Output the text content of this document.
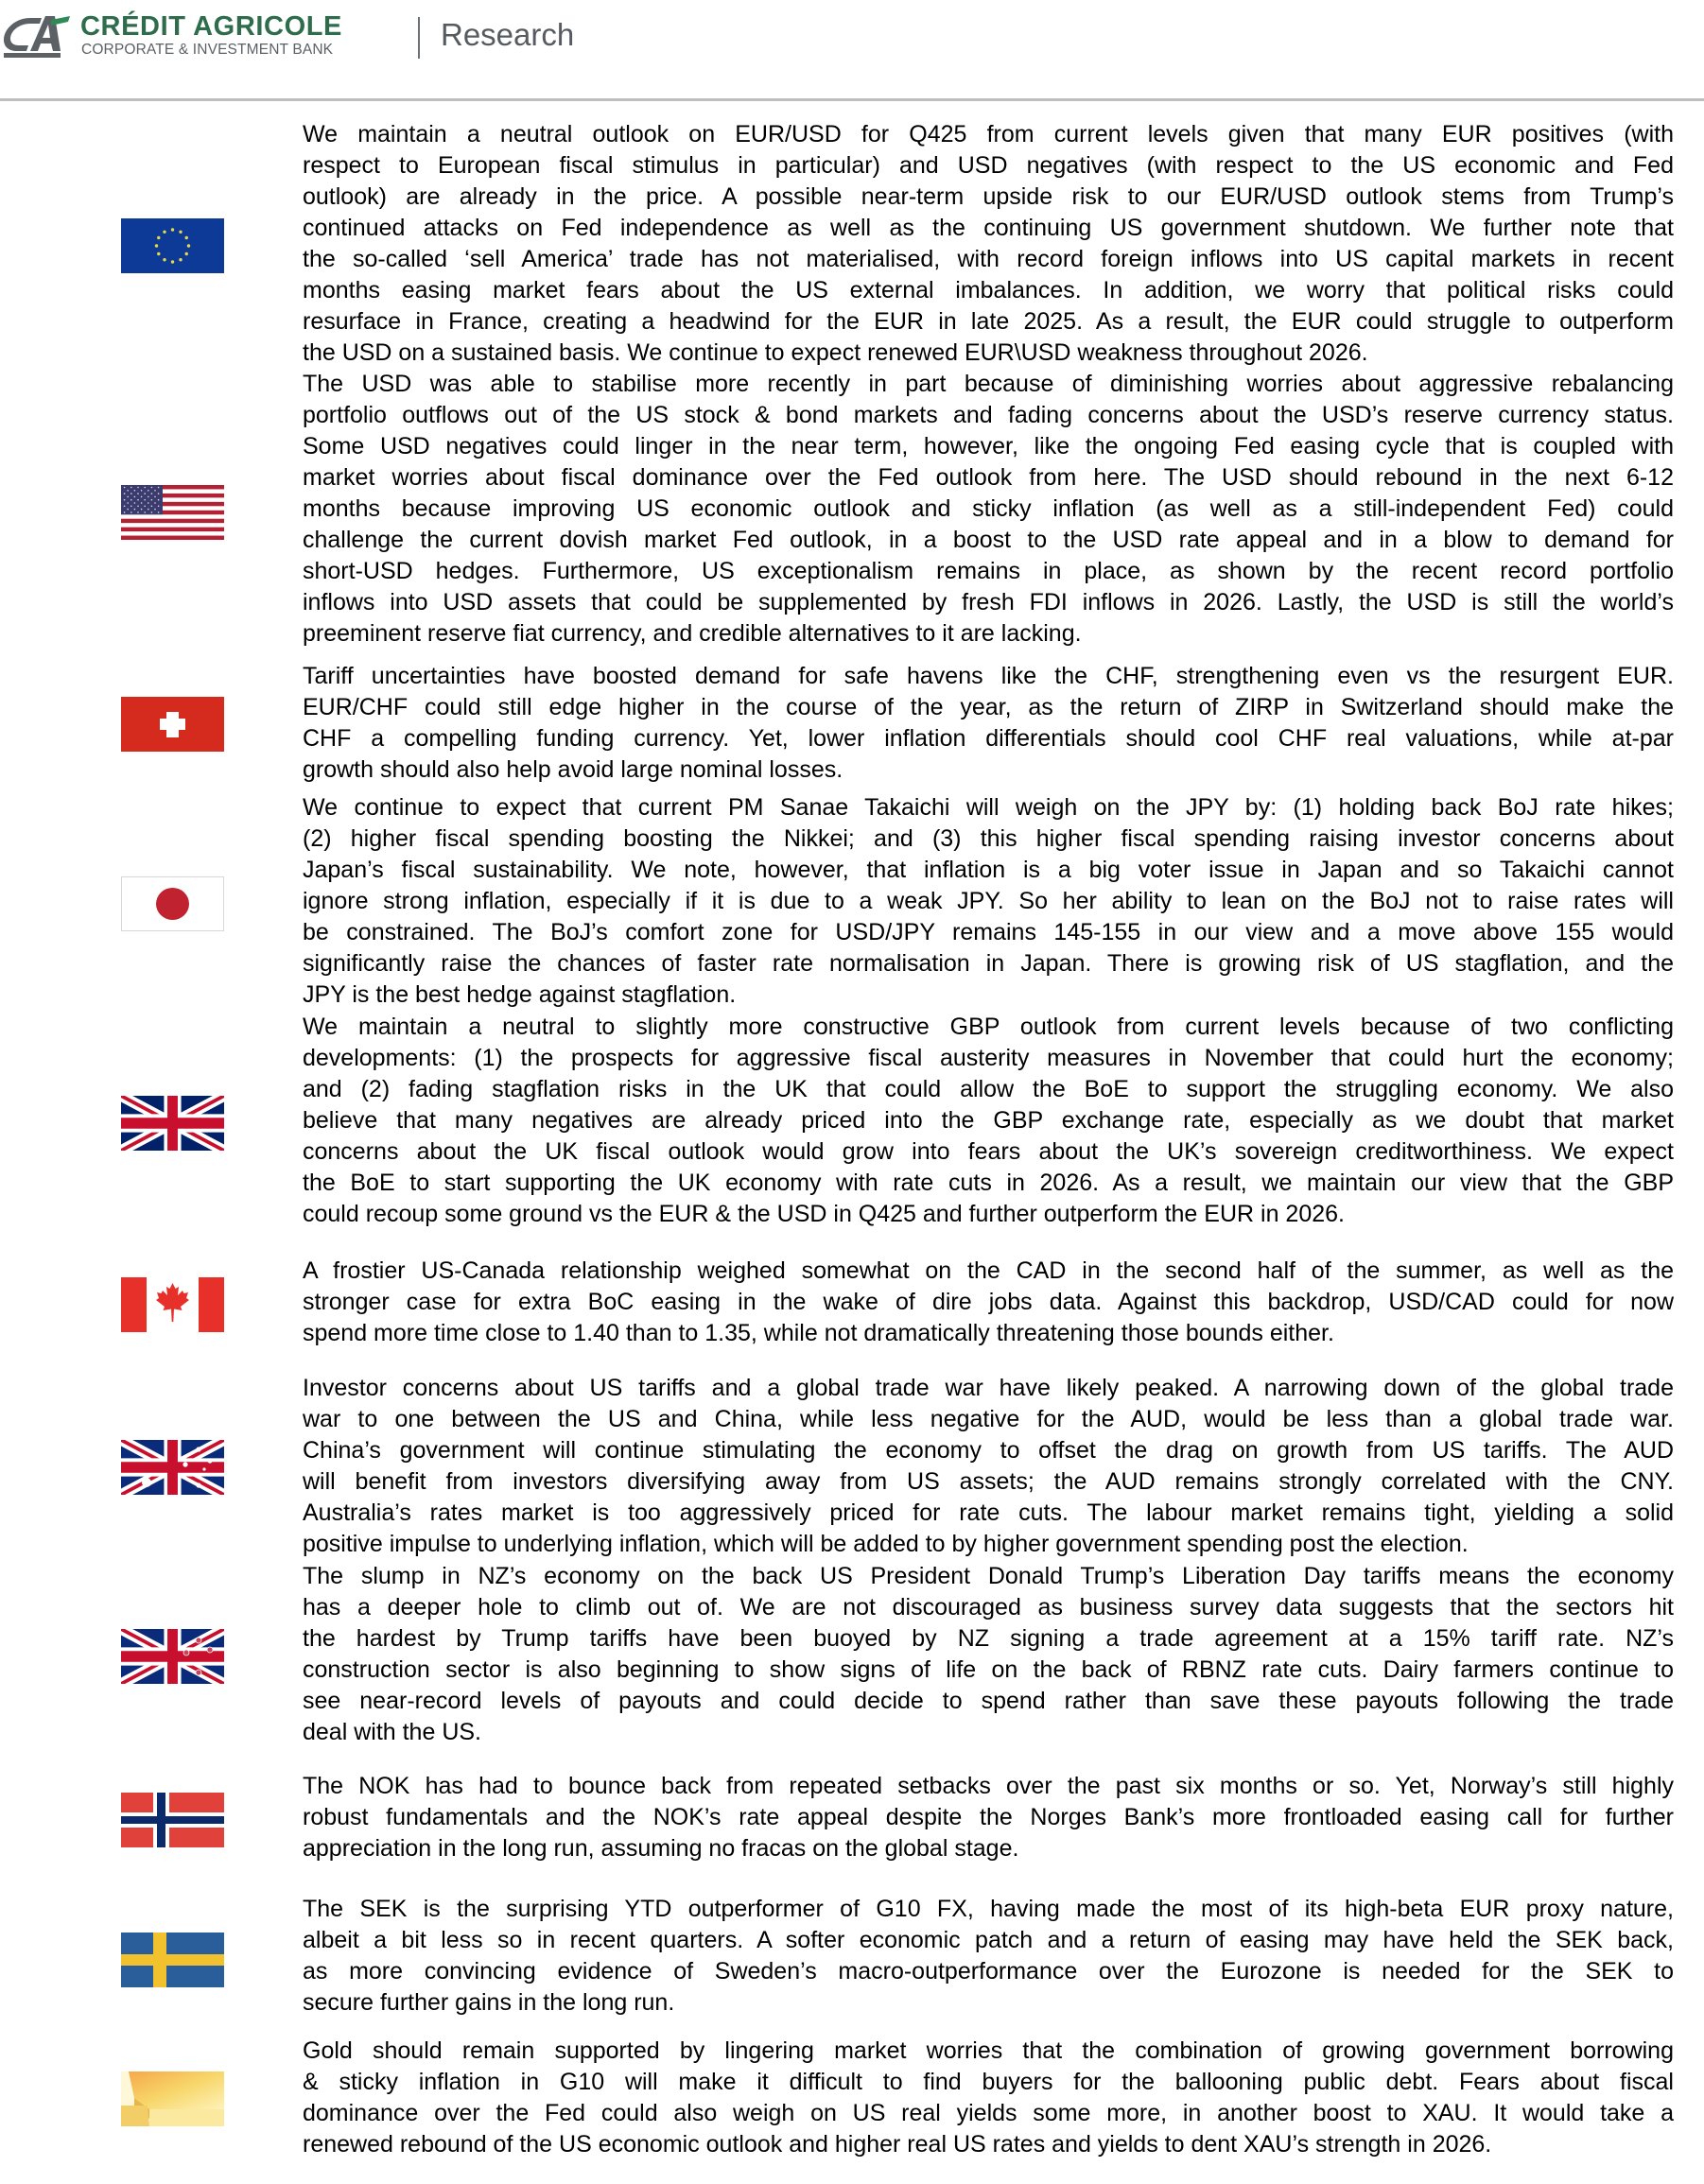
CRÉDIT AGRICOLE
CORPORATE & INVESTMENT BANK	Research
We maintain a neutral outlook on EUR/USD for Q425 from current levels given that many EUR positives (with
respect to European fiscal stimulus in particular) and USD negatives (with respect to the US economic and Fed
outlook) are already in the price. A possible near-term upside risk to our EUR/USD outlook stems from Trump’s
continued attacks on Fed independence as well as the continuing US government shutdown. We further note that
the so-called ‘sell America’ trade has not materialised, with record foreign inflows into US capital markets in recent
months easing market fears about the US external imbalances. In addition, we worry that political risks could
resurface in France, creating a headwind for the EUR in late 2025. As a result, the EUR could struggle to outperform
the USD on a sustained basis. We continue to expect renewed EUR\USD weakness throughout 2026.
The USD was able to stabilise more recently in part because of diminishing worries about aggressive rebalancing
portfolio outflows out of the US stock & bond markets and fading concerns about the USD’s reserve currency status.
Some USD negatives could linger in the near term, however, like the ongoing Fed easing cycle that is coupled with
market worries about fiscal dominance over the Fed outlook from here. The USD should rebound in the next 6-12
months because improving US economic outlook and sticky inflation (as well as a still-independent Fed) could
challenge the current dovish market Fed outlook, in a boost to the USD rate appeal and in a blow to demand for
short-USD hedges. Furthermore, US exceptionalism remains in place, as shown by the recent record portfolio
inflows into USD assets that could be supplemented by fresh FDI inflows in 2026. Lastly, the USD is still the world’s
preeminent reserve fiat currency, and credible alternatives to it are lacking.
Tariff uncertainties have boosted demand for safe havens like the CHF, strengthening even vs the resurgent EUR.
EUR/CHF could still edge higher in the course of the year, as the return of ZIRP in Switzerland should make the
CHF a compelling funding currency. Yet, lower inflation differentials should cool CHF real valuations, while at-par
growth should also help avoid large nominal losses.
We continue to expect that current PM Sanae Takaichi will weigh on the JPY by: (1) holding back BoJ rate hikes;
(2) higher fiscal spending boosting the Nikkei; and (3) this higher fiscal spending raising investor concerns about
Japan’s fiscal sustainability. We note, however, that inflation is a big voter issue in Japan and so Takaichi cannot
ignore strong inflation, especially if it is due to a weak JPY. So her ability to lean on the BoJ not to raise rates will
be constrained. The BoJ’s comfort zone for USD/JPY remains 145-155 in our view and a move above 155 would
significantly raise the chances of faster rate normalisation in Japan. There is growing risk of US stagflation, and the
JPY is the best hedge against stagflation.
We maintain a neutral to slightly more constructive GBP outlook from current levels because of two conflicting
developments: (1) the prospects for aggressive fiscal austerity measures in November that could hurt the economy;
and (2) fading stagflation risks in the UK that could allow the BoE to support the struggling economy. We also
believe that many negatives are already priced into the GBP exchange rate, especially as we doubt that market
concerns about the UK fiscal outlook would grow into fears about the UK’s sovereign creditworthiness. We expect
the BoE to start supporting the UK economy with rate cuts in 2026. As a result, we maintain our view that the GBP
could recoup some ground vs the EUR & the USD in Q425 and further outperform the EUR in 2026.
A frostier US-Canada relationship weighed somewhat on the CAD in the second half of the summer, as well as the
stronger case for extra BoC easing in the wake of dire jobs data. Against this backdrop, USD/CAD could for now
spend more time close to 1.40 than to 1.35, while not dramatically threatening those bounds either.
Investor concerns about US tariffs and a global trade war have likely peaked. A narrowing down of the global trade
war to one between the US and China, while less negative for the AUD, would be less than a global trade war.
China’s government will continue stimulating the economy to offset the drag on growth from US tariffs. The AUD
will benefit from investors diversifying away from US assets; the AUD remains strongly correlated with the CNY.
Australia’s rates market is too aggressively priced for rate cuts. The labour market remains tight, yielding a solid
positive impulse to underlying inflation, which will be added to by higher government spending post the election.
The slump in NZ’s economy on the back US President Donald Trump’s Liberation Day tariffs means the economy
has a deeper hole to climb out of. We are not discouraged as business survey data suggests that the sectors hit
the hardest by Trump tariffs have been buoyed by NZ signing a trade agreement at a 15% tariff rate. NZ’s
construction sector is also beginning to show signs of life on the back of RBNZ rate cuts. Dairy farmers continue to
see near-record levels of payouts and could decide to spend rather than save these payouts following the trade
deal with the US.
The NOK has had to bounce back from repeated setbacks over the past six months or so. Yet, Norway’s still highly
robust fundamentals and the NOK’s rate appeal despite the Norges Bank’s more frontloaded easing call for further
appreciation in the long run, assuming no fracas on the global stage.
The SEK is the surprising YTD outperformer of G10 FX, having made the most of its high-beta EUR proxy nature,
albeit a bit less so in recent quarters. A softer economic patch and a return of easing may have held the SEK back,
as more convincing evidence of Sweden’s macro-outperformance over the Eurozone is needed for the SEK to
secure further gains in the long run.
Gold should remain supported by lingering market worries that the combination of growing government borrowing
& sticky inflation in G10 will make it difficult to find buyers for the ballooning public debt. Fears about fiscal
dominance over the Fed could also weigh on US real yields some more, in another boost to XAU. It would take a
renewed rebound of the US economic outlook and higher real US rates and yields to dent XAU’s strength in 2026.
